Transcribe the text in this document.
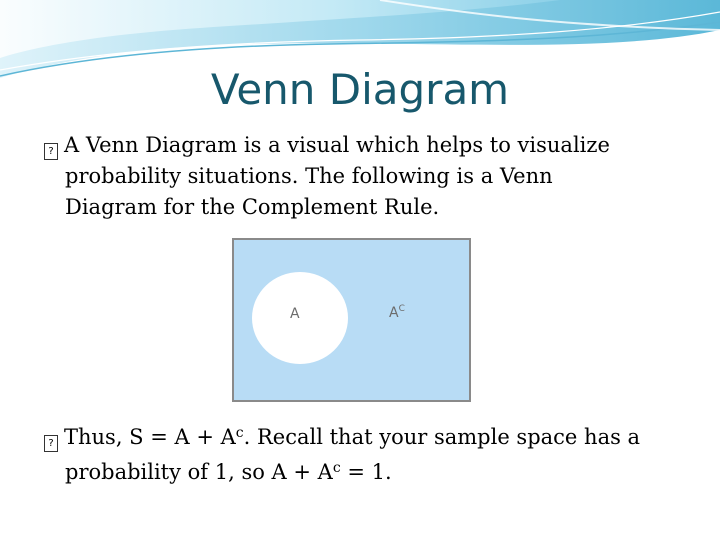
Venn Diagram
? A Venn Diagram is a visual which helps to visualize
probability situations. The following is a Venn
Diagram for the Complement Rule.
A	$A^C$
? Thus, $S = A + A^c$. Recall that your sample space has a
probability of 1, so $A + A^c = 1$.
